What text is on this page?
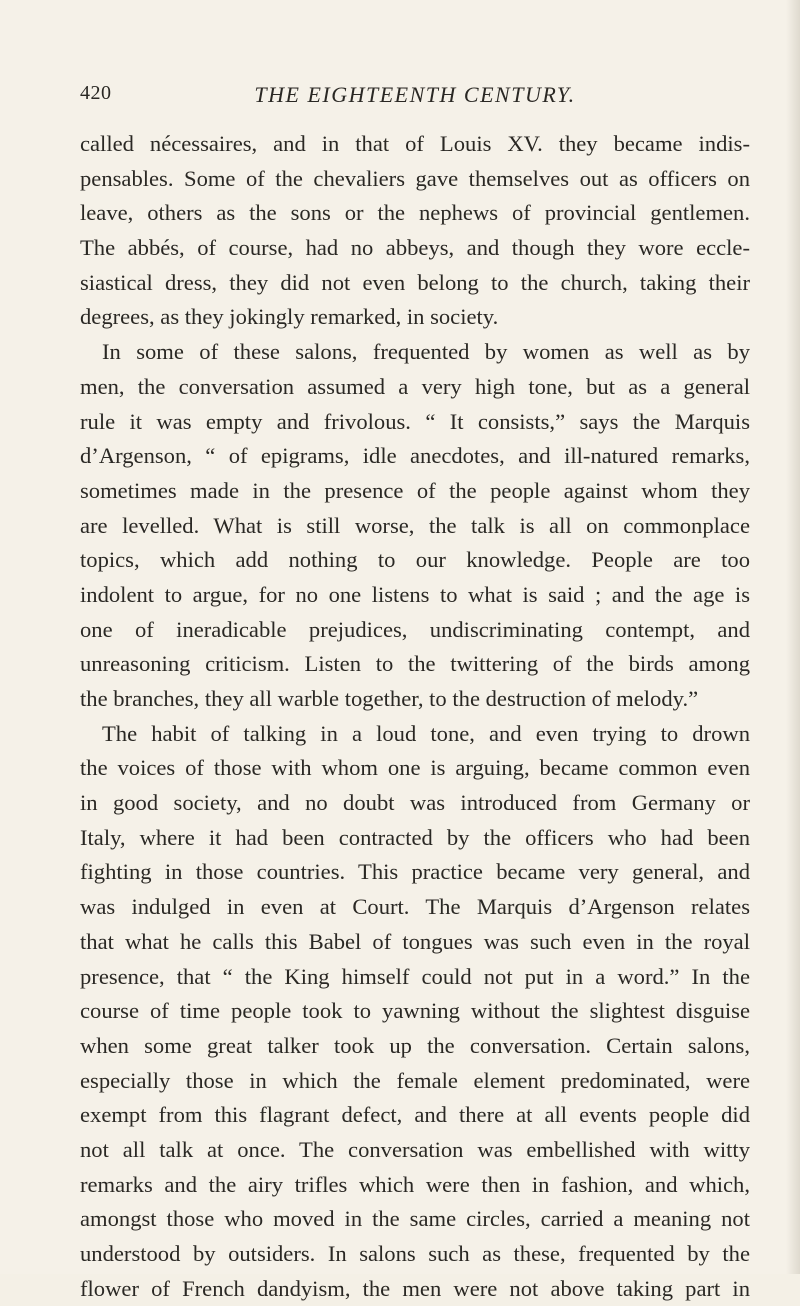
420	THE EIGHTEENTH CENTURY.
called nécessaires, and in that of Louis XV. they became indis-
pensables. Some of the chevaliers gave themselves out as officers on
leave, others as the sons or the nephews of provincial gentlemen.
The abbés, of course, had no abbeys, and though they wore eccle-
siastical dress, they did not even belong to the church, taking their
degrees, as they jokingly remarked, in society.
In some of these salons, frequented by women as well as by
men, the conversation assumed a very high tone, but as a general
rule it was empty and frivolous. “ It consists,” says the Marquis
d’Argenson, “ of epigrams, idle anecdotes, and ill-natured remarks,
sometimes made in the presence of the people against whom they
are levelled. What is still worse, the talk is all on commonplace
topics, which add nothing to our knowledge. People are too
indolent to argue, for no one listens to what is said ; and the age is
one of ineradicable prejudices, undiscriminating contempt, and
unreasoning criticism. Listen to the twittering of the birds among
the branches, they all warble together, to the destruction of melody.”
The habit of talking in a loud tone, and even trying to drown
the voices of those with whom one is arguing, became common even
in good society, and no doubt was introduced from Germany or
Italy, where it had been contracted by the officers who had been
fighting in those countries. This practice became very general, and
was indulged in even at Court. The Marquis d’Argenson relates
that what he calls this Babel of tongues was such even in the royal
presence, that “ the King himself could not put in a word.” In the
course of time people took to yawning without the slightest disguise
when some great talker took up the conversation. Certain salons,
especially those in which the female element predominated, were
exempt from this flagrant defect, and there at all events people did
not all talk at once. The conversation was embellished with witty
remarks and the airy trifles which were then in fashion, and which,
amongst those who moved in the same circles, carried a meaning not
understood by outsiders. In salons such as these, frequented by the
flower of French dandyism, the men were not above taking part in
